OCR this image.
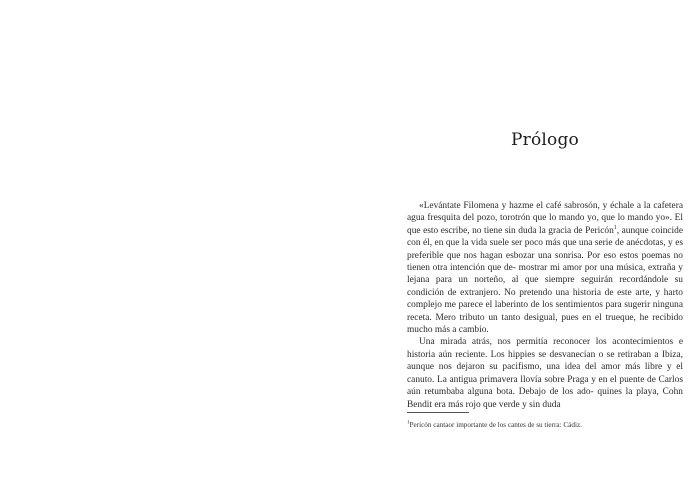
Prólogo

«Levántate Filomena y hazme el café sabrosón, y échale a la cafetera agua fresquita del pozo, torotrón que lo mando yo, que lo mando yo». El que esto escribe, no tiene sin duda la gracia de Pericón$^1$, aunque coincide con él, en que la vida suele ser poco más que una serie de anécdotas, y es preferible que nos hagan esbozar una sonrisa. Por eso estos poemas no tienen otra intención que de- mostrar mi amor por una música, extraña y lejana para un norteño, al que siempre seguirán recordándole su condición de extranjero. No pretendo una historia de este arte, y harto complejo me parece el laberinto de los sentimientos para sugerir ninguna receta. Mero tributo un tanto desigual, pues en el trueque, he recibido mucho más a cambio.

Una mirada atrás, nos permitía reconocer los acontecimientos e historia aún reciente. Los hippies se desvanecían o se retiraban a Ibiza, aunque nos dejaron su pacifismo, una idea del amor más libre y el canuto. La antigua primavera llovía sobre Praga y en el puente de Carlos aún retumbaba alguna bota. Debajo de los ado- quines la playa, Cohn Bendit era más rojo que verde y sin duda

$^1$Pericón cantaor importante de los cantes de su tierra: Cádiz.
